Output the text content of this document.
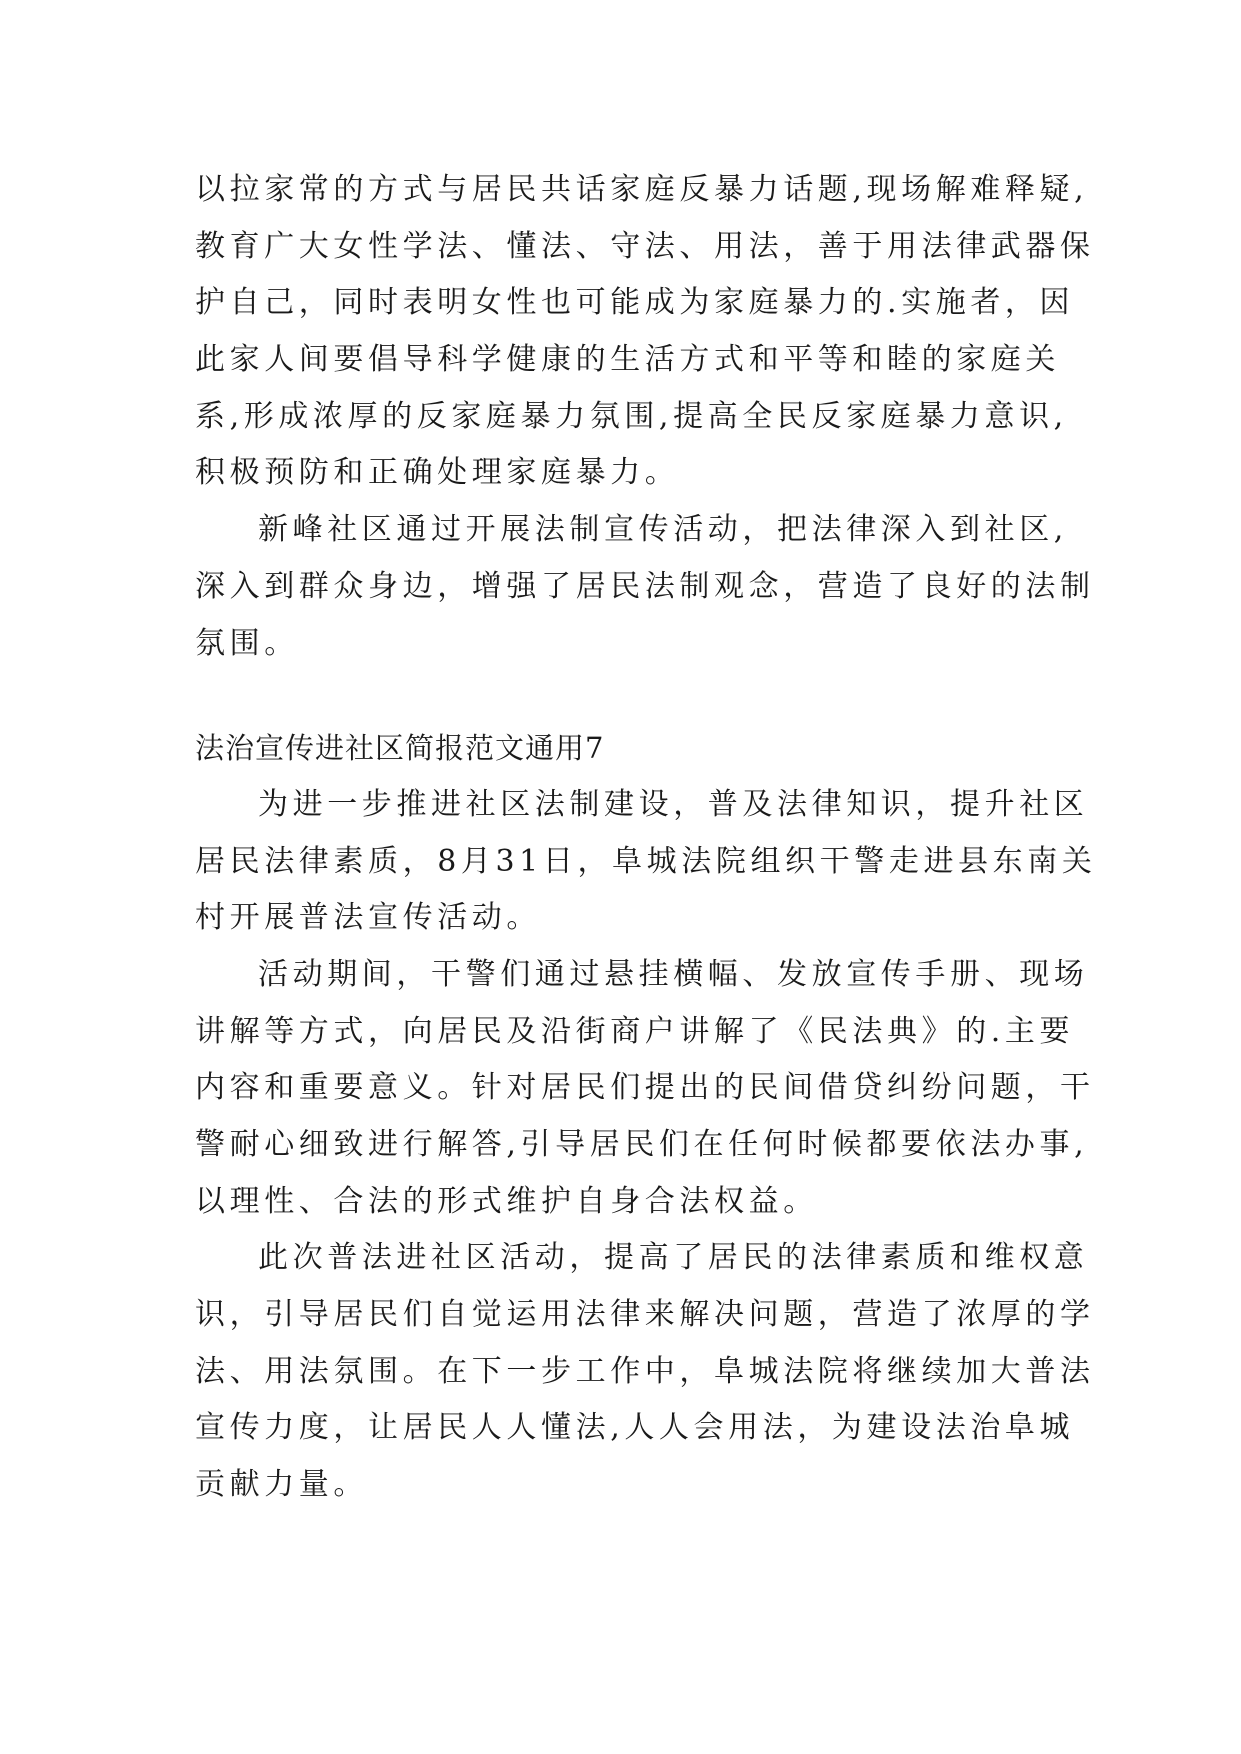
以拉家常的方式与居民共话家庭反暴力话题,现场解难释疑,
教育广大女性学法、懂法、守法、用法，善于用法律武器保
护自己，同时表明女性也可能成为家庭暴力的.实施者，因
此家人间要倡导科学健康的生活方式和平等和睦的家庭关
系,形成浓厚的反家庭暴力氛围,提高全民反家庭暴力意识,
积极预防和正确处理家庭暴力。
新峰社区通过开展法制宣传活动，把法律深入到社区,
深入到群众身边，增强了居民法制观念，营造了良好的法制
氛围。
法治宣传进社区简报范文通用7
为进一步推进社区法制建设，普及法律知识，提升社区
居民法律素质，8月31日，阜城法院组织干警走进县东南关
村开展普法宣传活动。
活动期间，干警们通过悬挂横幅、发放宣传手册、现场
讲解等方式，向居民及沿街商户讲解了《民法典》的.主要
内容和重要意义。针对居民们提出的民间借贷纠纷问题，干
警耐心细致进行解答,引导居民们在任何时候都要依法办事,
以理性、合法的形式维护自身合法权益。
此次普法进社区活动，提高了居民的法律素质和维权意
识，引导居民们自觉运用法律来解决问题，营造了浓厚的学
法、用法氛围。在下一步工作中，阜城法院将继续加大普法
宣传力度，让居民人人懂法,人人会用法，为建设法治阜城
贡献力量。
